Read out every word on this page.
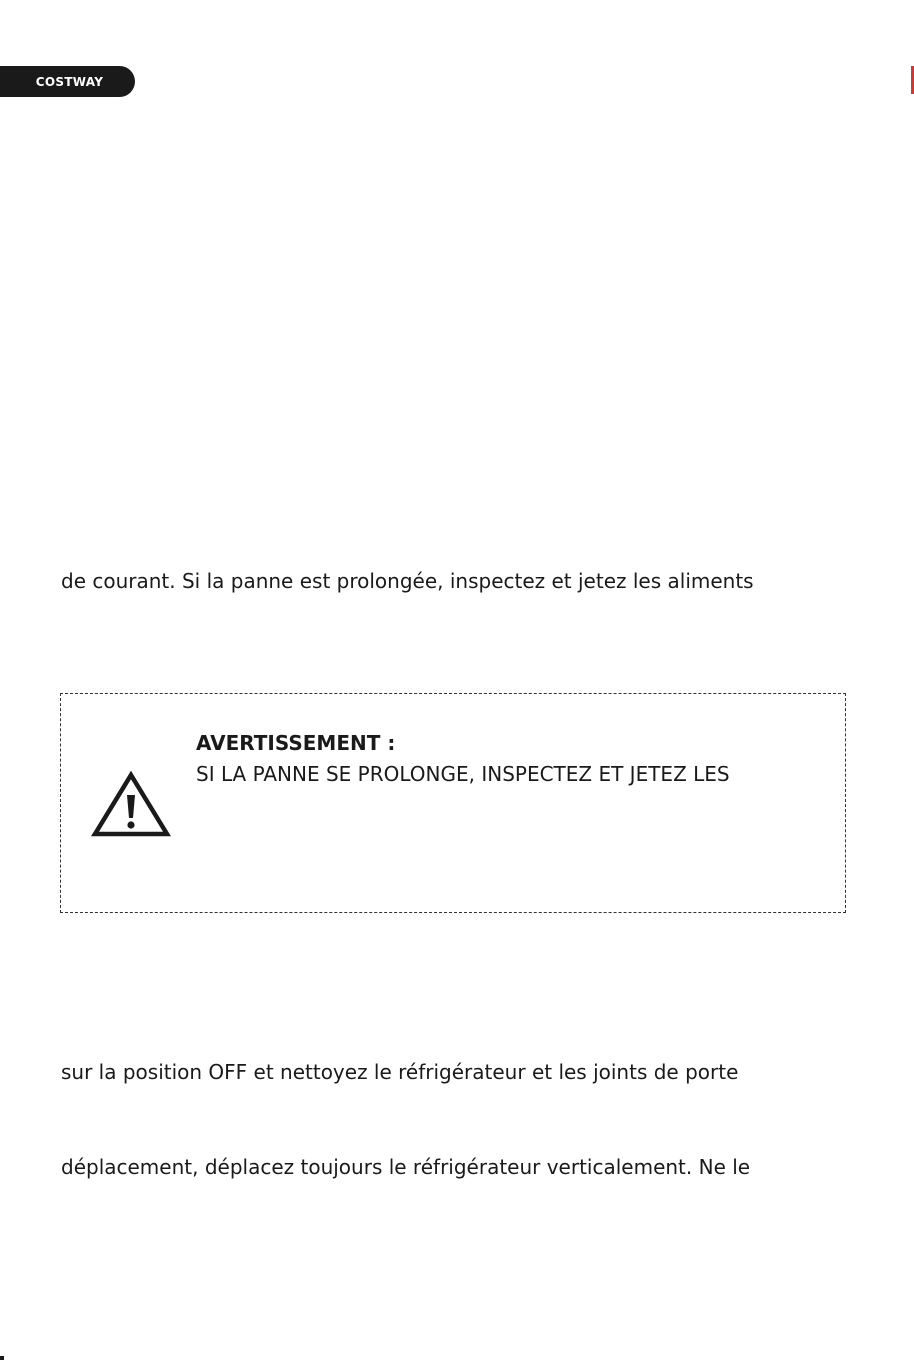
COSTWAY

de courant. Si la panne est prolongée, inspectez et jetez les aliments

AVERTISSEMENT :

SI LA PANNE SE PROLONGE, INSPECTEZ ET JETEZ LES

sur la position OFF et nettoyez le réfrigérateur et les joints de porte

déplacement, déplacez toujours le réfrigérateur verticalement. Ne le
